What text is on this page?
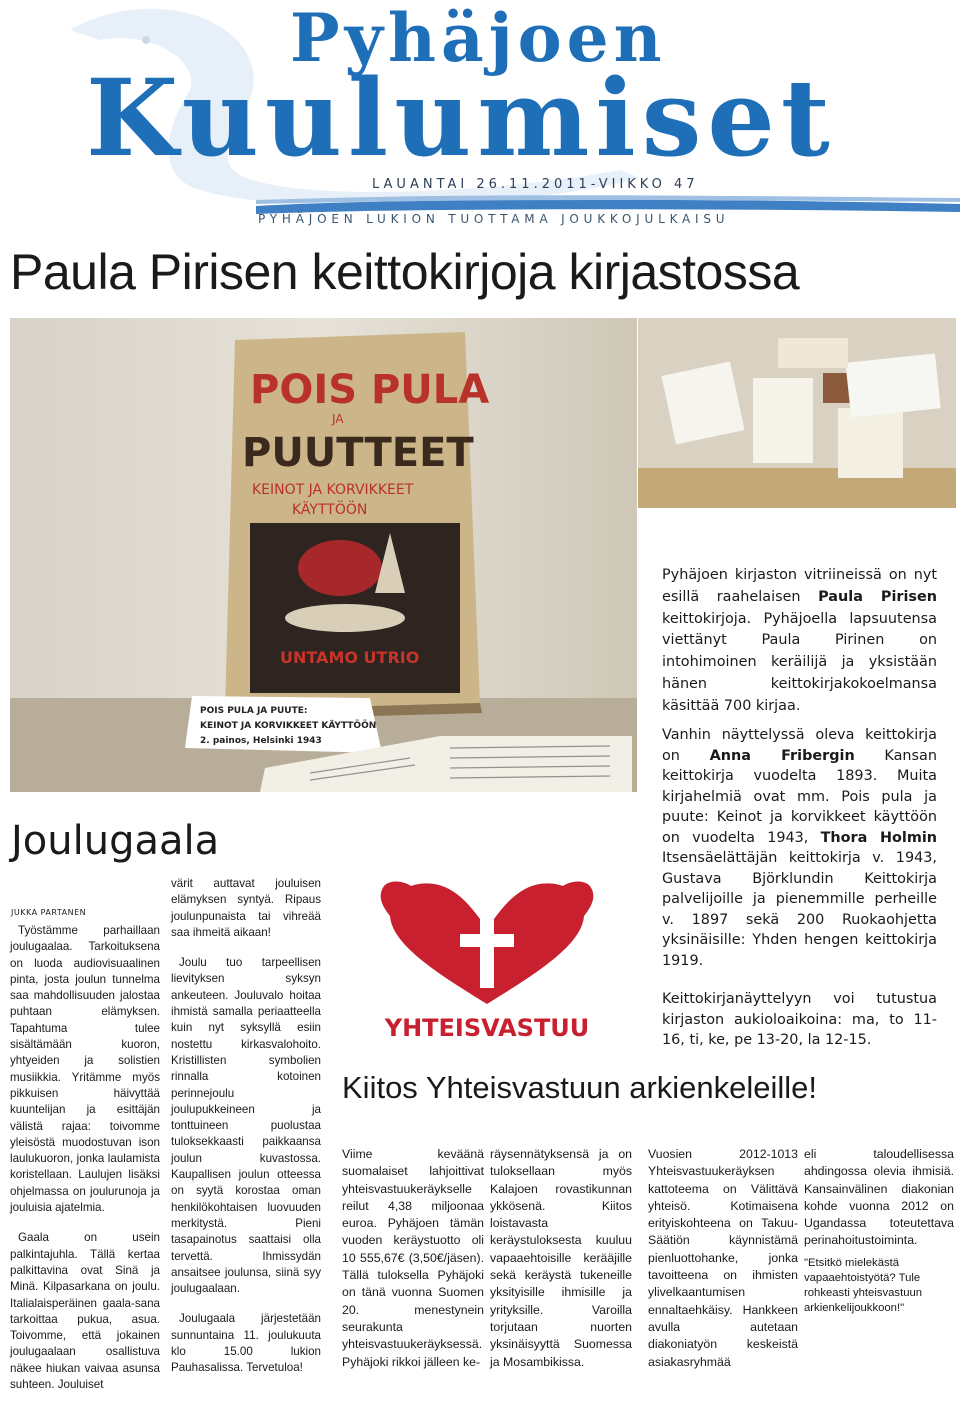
Pyhäjoen
Kuulumiset
LAUANTAI 26.11.2011-VIIKKO 47
PYHÄJOEN LUKION TUOTTAMA JOUKKOJULKAISU
Paula Pirisen keittokirjoja kirjastossa
POIS PULA
JA
PUUTTEET
KEINOT JA KORVIKKEET
KÄYTTÖÖN
UNTAMO UTRIO
POIS PULA JA PUUTE:
KEINOT JA KORVIKKEET KÄYTTÖÖN
2. painos, Helsinki 1943

Pyhäjoen kirjaston vitriineissä on nyt esillä raahelaisen Paula Pirisen keittokirjoja. Pyhäjoella lapsuutensa viettänyt Paula Pirinen on intohimoinen keräilijä ja yksistään hänen keittokirjakokoelmansa käsittää 700 kirjaa.

Vanhin näyttelyssä oleva keittokirja on Anna Fribergin Kansan keittokirja vuodelta 1893. Muita kirjahelmiä ovat mm. Pois pula ja puute: Keinot ja korvikkeet käyttöön on vuodelta 1943, Thora Holmin Itsensäelättäjän keittokirja v. 1943, Gustava Björklundin Keittokirja palvelijoille ja pienemmille perheille v. 1897 sekä 200 Ruokaohjetta yksinäisille: Yhden hengen keittokirja 1919.

Keittokirjanäyttelyyn voi tutustua kirjaston aukioloaikoina: ma, to 11-16, ti, ke, pe 13-20, la 12-15.

Joulugaala
JUKKA PARTANEN

Työstämme parhaillaan joulugaalaa. Tarkoituksena on luoda audiovisuaalinen pinta, josta joulun tunnelma saa mahdollisuuden jalostaa puhtaan elämyksen. Tapahtuma tulee sisältämään kuoron, yhtyeiden ja solistien musiikkia. Yritämme myös pikkuisen häivyttää kuuntelijan ja esittäjän välistä rajaa: toivomme yleisöstä muodostuvan ison laulukuoron, jonka laulamista koristellaan. Laulujen lisäksi ohjelmassa on joulurunoja ja jouluisia ajatelmia.

Gaala on usein palkintajuhla. Tällä kertaa palkittavina ovat Sinä ja Minä. Kilpasarkana on joulu. Italialaisperäinen gaala-sana tarkoittaa pukua, asua. Toivomme, että jokainen joulugaalaan osallistuva näkee hiukan vaivaa asunsa suhteen. Jouluiset

värit auttavat jouluisen elämyksen syntyä. Ripaus joulunpunaista tai vihreää saa ihmeitä aikaan!

Joulu tuo tarpeellisen lievityksen syksyn ankeuteen. Jouluvalo hoitaa ihmistä samalla periaatteella kuin nyt syksyllä esiin nostettu kirkasvalohoito. Kristillisten symbolien rinnalla kotoinen perinnejoulu joulupukkeineen ja tonttuineen puolustaa tuloksekkaasti paikkaansa joulun kuvastossa. Kaupallisen joulun otteessa on syytä korostaa oman henkilökohtaisen luovuuden merkitystä. Pieni tasapainotus saattaisi olla tervettä. Ihmissydän ansaitsee joulunsa, siinä syy joulugaalaan.

Joulugaala järjestetään sunnuntaina 11. joulukuuta klo 15.00 lukion Pauhasalissa. Tervetuloa!

YHTEISVASTUU
Kiitos Yhteisvastuun arkienkeleille!

Viime keväänä suomalaiset lahjoittivat yhteisvastuukeräykselle reilut 4,38 miljoonaa euroa. Pyhäjoen tämän vuoden keräystuotto oli 10 555,67€ (3,50€/jäsen). Tällä tuloksella Pyhäjoki on tänä vuonna Suomen 20. menestynein seurakunta yhteisvastuukeräyksessä. Pyhäjoki rikkoi jälleen ke-

räysennätyksensä ja on tuloksellaan myös Kalajoen rovastikunnan ykkösenä. Kiitos loistavasta keräystuloksesta kuuluu vapaaehtoisille kerääjille sekä keräystä tukeneille yksityisille ihmisille ja yrityksille. Varoilla torjutaan nuorten yksinäisyyttä Suomessa ja Mosambikissa.

Vuosien 2012-1013 Yhteisvastuukeräyksen kattoteema on Välittävä yhteisö. Kotimaisena erityiskohteena on Takuu-Säätiön käynnistämä pienluottohanke, jonka tavoitteena on ihmisten ylivelkaantumisen ennaltaehkäisy. Hankkeen avulla autetaan diakoniatyön keskeistä asiakasryhmää

eli taloudellisessa ahdingossa olevia ihmisiä. Kansainvälinen diakonian kohde vuonna 2012 on Ugandassa toteutettava perinahoitustoiminta.

"Etsitkö mielekästä vapaaehtoistyötä? Tule rohkeasti yhteisvastuun arkienkelijoukkoon!"
